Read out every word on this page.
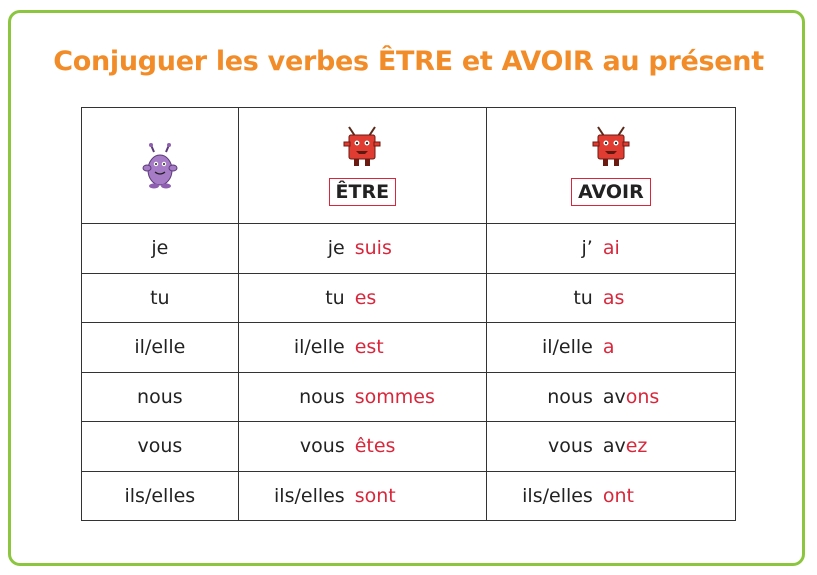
Conjuguer les verbes ÊTRE et AVOIR au présent

ÊTRE	AVOIR

je	je suis	j’ ai

tu	tu es	tu as

il/elle	il/elle est	il/elle a

nous	nous sommes	nous av ons

vous	vous êtes	vous av ez

ils/elles	ils/elles sont	ils/elles ont
